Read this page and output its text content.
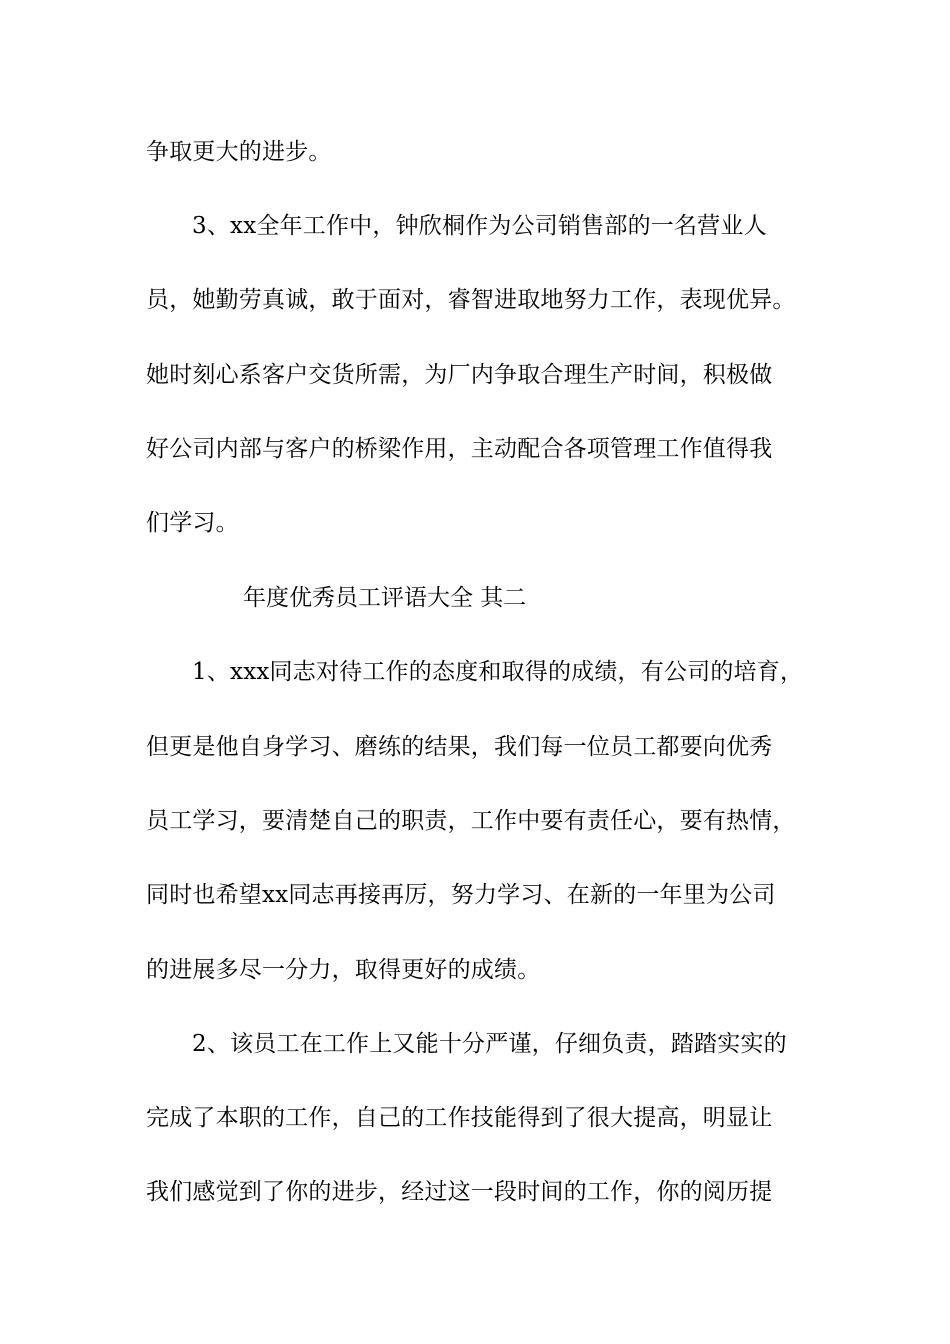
争取更大的进步。
3、xx全年工作中，钟欣桐作为公司销售部的一名营业人
员，她勤劳真诚，敢于面对，睿智进取地努力工作，表现优异。
她时刻心系客户交货所需，为厂内争取合理生产时间，积极做
好公司内部与客户的桥梁作用，主动配合各项管理工作值得我
们学习。
年度优秀员工评语大全 其二
1、xxx同志对待工作的态度和取得的成绩，有公司的培育，
但更是他自身学习、磨练的结果，我们每一位员工都要向优秀
员工学习，要清楚自己的职责，工作中要有责任心，要有热情，
同时也希望xx同志再接再厉，努力学习、在新的一年里为公司
的进展多尽一分力，取得更好的成绩。
2、该员工在工作上又能十分严谨，仔细负责，踏踏实实的
完成了本职的工作，自己的工作技能得到了很大提高，明显让
我们感觉到了你的进步，经过这一段时间的工作，你的阅历提
